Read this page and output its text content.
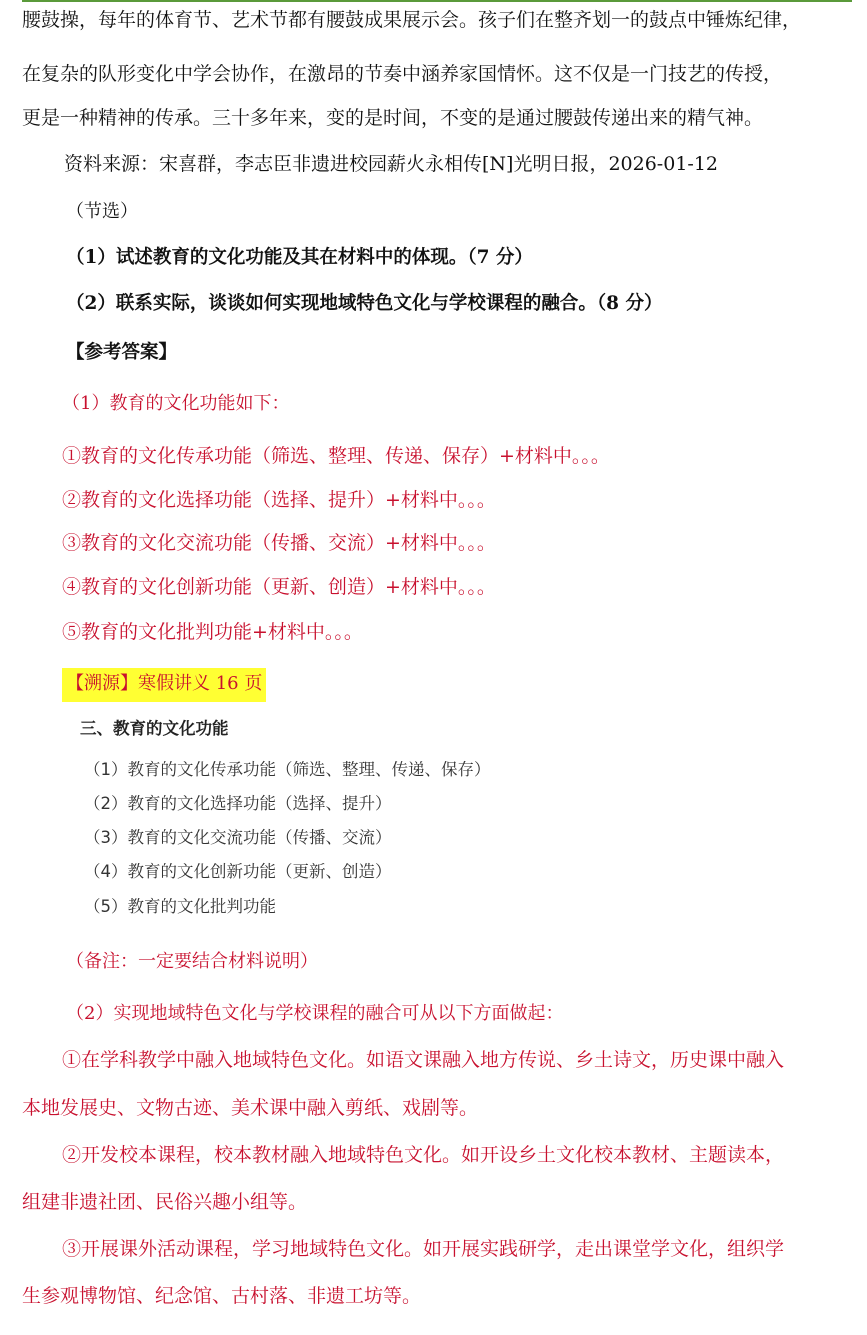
腰鼓操，每年的体育节、艺术节都有腰鼓成果展示会。孩子们在整齐划一的鼓点中锤炼纪律，
在复杂的队形变化中学会协作，在激昂的节奏中涵养家国情怀。这不仅是一门技艺的传授，
更是一种精神的传承。三十多年来，变的是时间，不变的是通过腰鼓传递出来的精气神。
资料来源：宋喜群，李志臣非遗进校园薪火永相传[N]光明日报，2026-01-12
（节选）
（1）试述教育的文化功能及其在材料中的体现。（7 分）
（2）联系实际，谈谈如何实现地域特色文化与学校课程的融合。（8 分）
【参考答案】
（1）教育的文化功能如下：
①教育的文化传承功能（筛选、整理、传递、保存）+材料中。。。
②教育的文化选择功能（选择、提升）+材料中。。。
③教育的文化交流功能（传播、交流）+材料中。。。
④教育的文化创新功能（更新、创造）+材料中。。。
⑤教育的文化批判功能+材料中。。。
【溯源】寒假讲义 16 页
三、教育的文化功能
（1）教育的文化传承功能（筛选、整理、传递、保存）
（2）教育的文化选择功能（选择、提升）
（3）教育的文化交流功能（传播、交流）
（4）教育的文化创新功能（更新、创造）
（5）教育的文化批判功能
（备注：一定要结合材料说明）
（2）实现地域特色文化与学校课程的融合可从以下方面做起：
①在学科教学中融入地域特色文化。如语文课融入地方传说、乡土诗文，历史课中融入
本地发展史、文物古迹、美术课中融入剪纸、戏剧等。
②开发校本课程，校本教材融入地域特色文化。如开设乡土文化校本教材、主题读本，
组建非遗社团、民俗兴趣小组等。
③开展课外活动课程，学习地域特色文化。如开展实践研学，走出课堂学文化，组织学
生参观博物馆、纪念馆、古村落、非遗工坊等。
